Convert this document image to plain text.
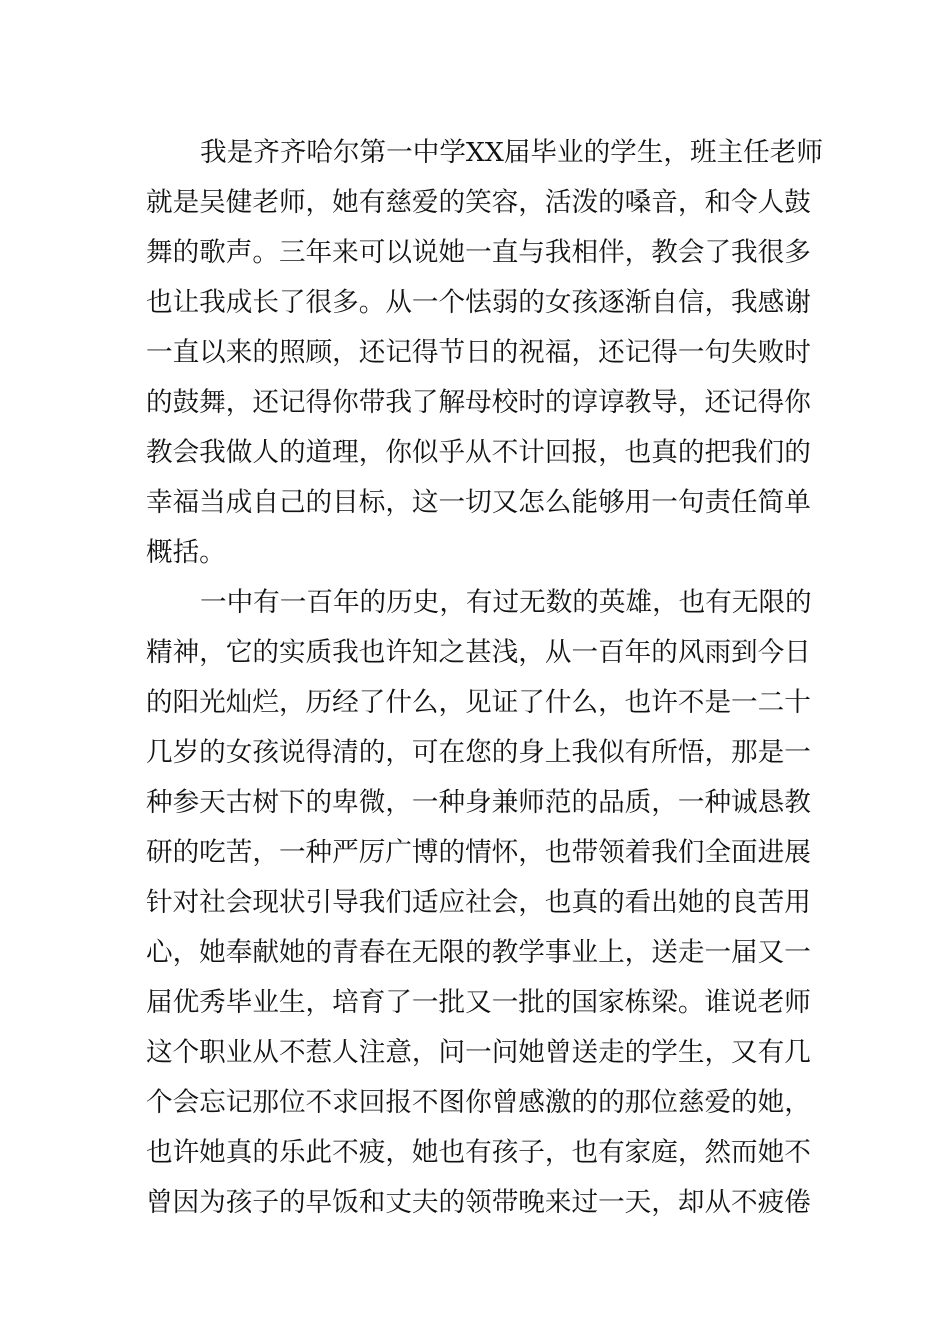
我是齐齐哈尔第一中学XX届毕业的学生，班主任老师
就是吴健老师，她有慈爱的笑容，活泼的嗓音，和令人鼓
舞的歌声。三年来可以说她一直与我相伴，教会了我很多
也让我成长了很多。从一个怯弱的女孩逐渐自信，我感谢
一直以来的照顾，还记得节日的祝福，还记得一句失败时
的鼓舞，还记得你带我了解母校时的谆谆教导，还记得你
教会我做人的道理，你似乎从不计回报，也真的把我们的
幸福当成自己的目标，这一切又怎么能够用一句责任简单
概括。
一中有一百年的历史，有过无数的英雄，也有无限的
精神，它的实质我也许知之甚浅，从一百年的风雨到今日
的阳光灿烂，历经了什么，见证了什么，也许不是一二十
几岁的女孩说得清的，可在您的身上我似有所悟，那是一
种参天古树下的卑微，一种身兼师范的品质，一种诚恳教
研的吃苦，一种严厉广博的情怀，也带领着我们全面进展
针对社会现状引导我们适应社会，也真的看出她的良苦用
心，她奉献她的青春在无限的教学事业上，送走一届又一
届优秀毕业生，培育了一批又一批的国家栋梁。谁说老师
这个职业从不惹人注意，问一问她曾送走的学生，又有几
个会忘记那位不求回报不图你曾感激的的那位慈爱的她，
也许她真的乐此不疲，她也有孩子，也有家庭，然而她不
曾因为孩子的早饭和丈夫的领带晚来过一天，却从不疲倦
